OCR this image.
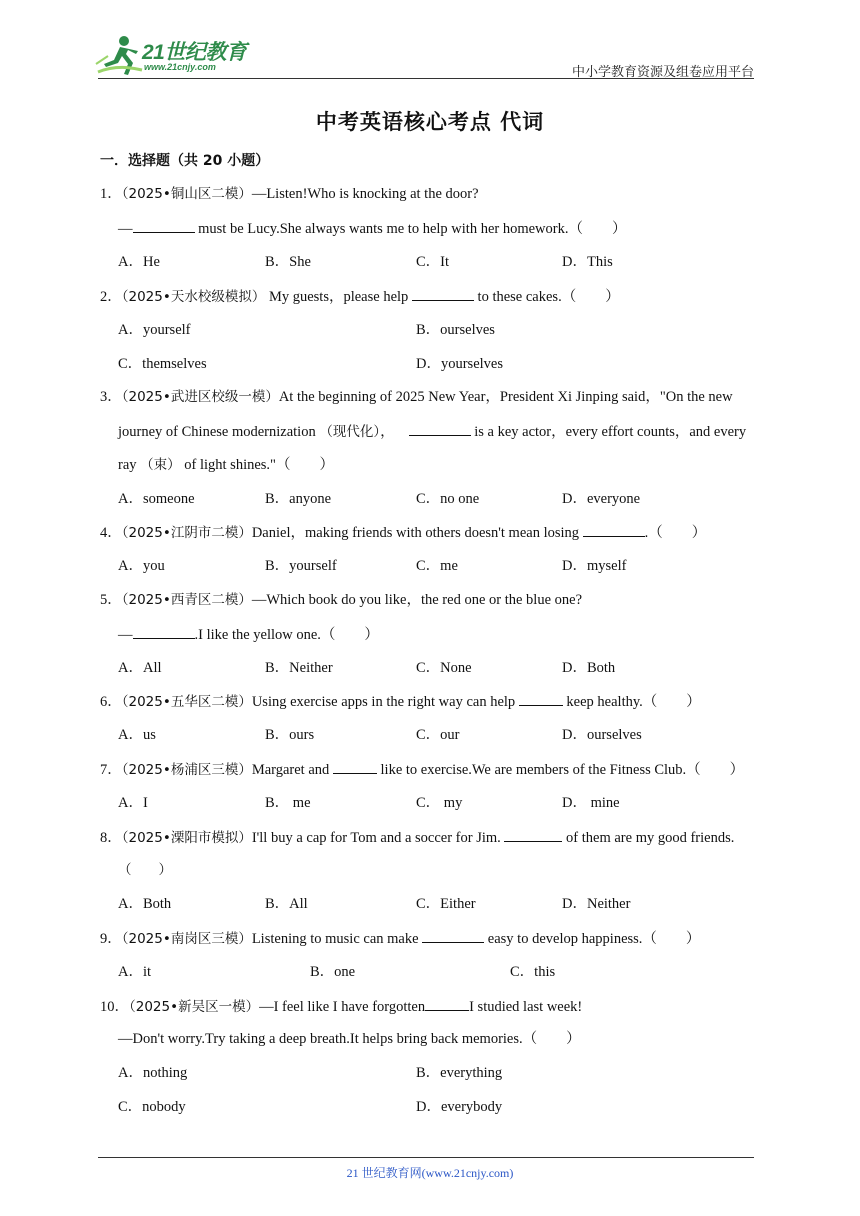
21世纪教育
www.21cnjy.com	中小学教育资源及组卷应用平台
中考英语核心考点 代词
一．选择题（共 20 小题）
1．（2025•铜山区二模）—Listen!Who is knocking at the door?
—	must be Lucy.She always wants me to help with her homework.（　　）
A．He	B．She	C．It	D．This
2．（2025•天水校级模拟） My guests，please help	to these cakes.（　　）
A．yourself	B．ourselves
C．themselves	D．yourselves
3．（2025•武进区校级一模）At the beginning of 2025 New Year，President Xi Jinping said，"On the new
journey of Chinese modernization （现代化），	is a key actor，every effort counts，and every
ray （束） of light shines."（　　）
A．someone	B．anyone	C．no one	D．everyone
4．（2025•江阴市二模）Daniel，making friends with others doesn't mean losing	.（　　）
A．you	B．yourself	C．me	D．myself
5．（2025•西青区二模）—Which book do you like，the red one or the blue one?
—	.I like the yellow one.（　　）
A．All	B．Neither	C．None	D．Both
6．（2025•五华区二模）Using exercise apps in the right way can help	keep healthy.（　　）
A．us	B．ours	C．our	D．ourselves
7．（2025•杨浦区三模）Margaret and	like to exercise.We are members of the Fitness Club.（　　）
A．I	B． me	C． my	D． mine
8．（2025•溧阳市模拟）I'll buy a cap for Tom and a soccer for Jim.	of them are my good friends.
（　　）
A．Both	B．All	C．Either	D．Neither
9．（2025•南岗区三模）Listening to music can make	easy to develop happiness.（　　）
A．it	B．one	C．this
10．（2025•新吴区一模）—I feel like I have forgotten	I studied last week!
—Don't worry.Try taking a deep breath.It helps bring back memories.（　　）
A．nothing	B．everything
C．nobody	D．everybody
21 世纪教育网(www.21cnjy.com)
